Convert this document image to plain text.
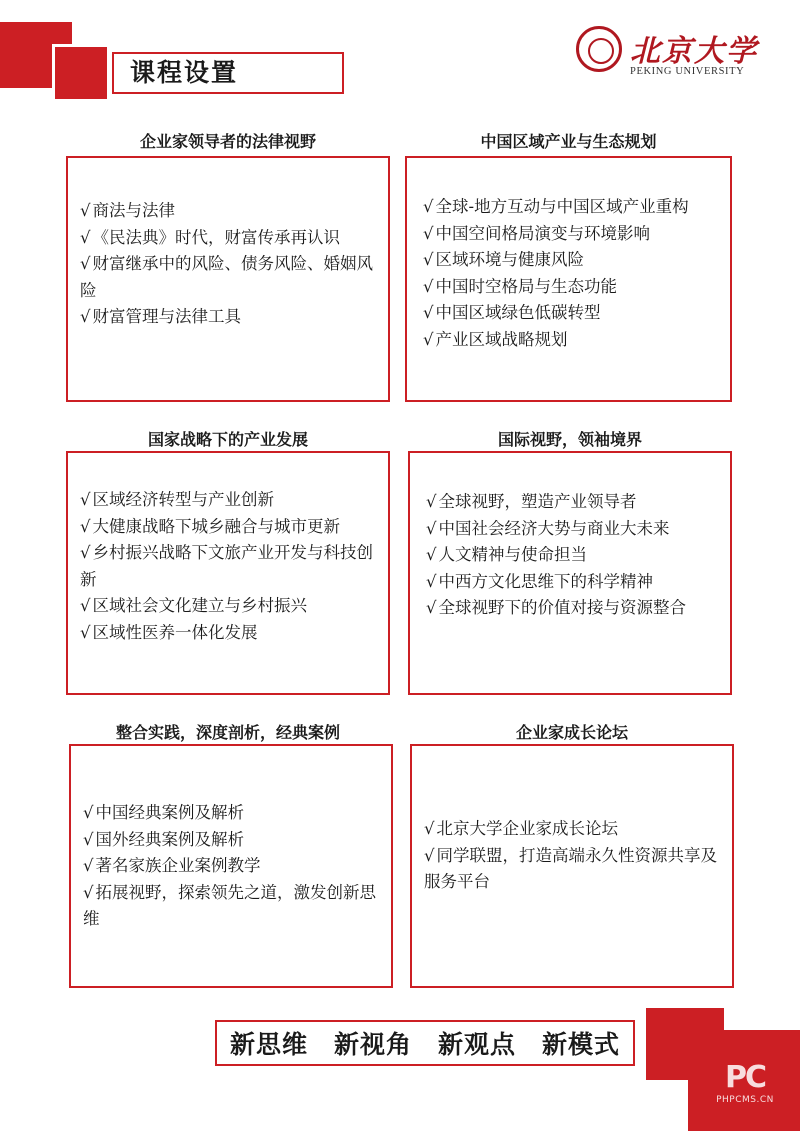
课程设置
北京大学
PEKING UNIVERSITY
企业家领导者的法律视野
√ 商法与法律
√ 《民法典》时代，财富传承再认识
√ 财富继承中的风险、债务风险、婚姻风险
√ 财富管理与法律工具
中国区域产业与生态规划
√ 全球-地方互动与中国区域产业重构
√ 中国空间格局演变与环境影响
√ 区域环境与健康风险
√ 中国时空格局与生态功能
√ 中国区域绿色低碳转型
√ 产业区域战略规划
国家战略下的产业发展
√ 区域经济转型与产业创新
√ 大健康战略下城乡融合与城市更新
√ 乡村振兴战略下文旅产业开发与科技创新
√ 区域社会文化建立与乡村振兴
√ 区域性医养一体化发展
国际视野，领袖境界
√ 全球视野，塑造产业领导者
√ 中国社会经济大势与商业大未来
√ 人文精神与使命担当
√ 中西方文化思维下的科学精神
√ 全球视野下的价值对接与资源整合
整合实践，深度剖析，经典案例
√ 中国经典案例及解析
√ 国外经典案例及解析
√ 著名家族企业案例教学
√ 拓展视野，探索领先之道，激发创新思维
企业家成长论坛
√ 北京大学企业家成长论坛
√ 同学联盟，打造高端永久性资源共享及服务平台
新思维 新视角 新观点 新模式
PC
PHPCMS.CN
